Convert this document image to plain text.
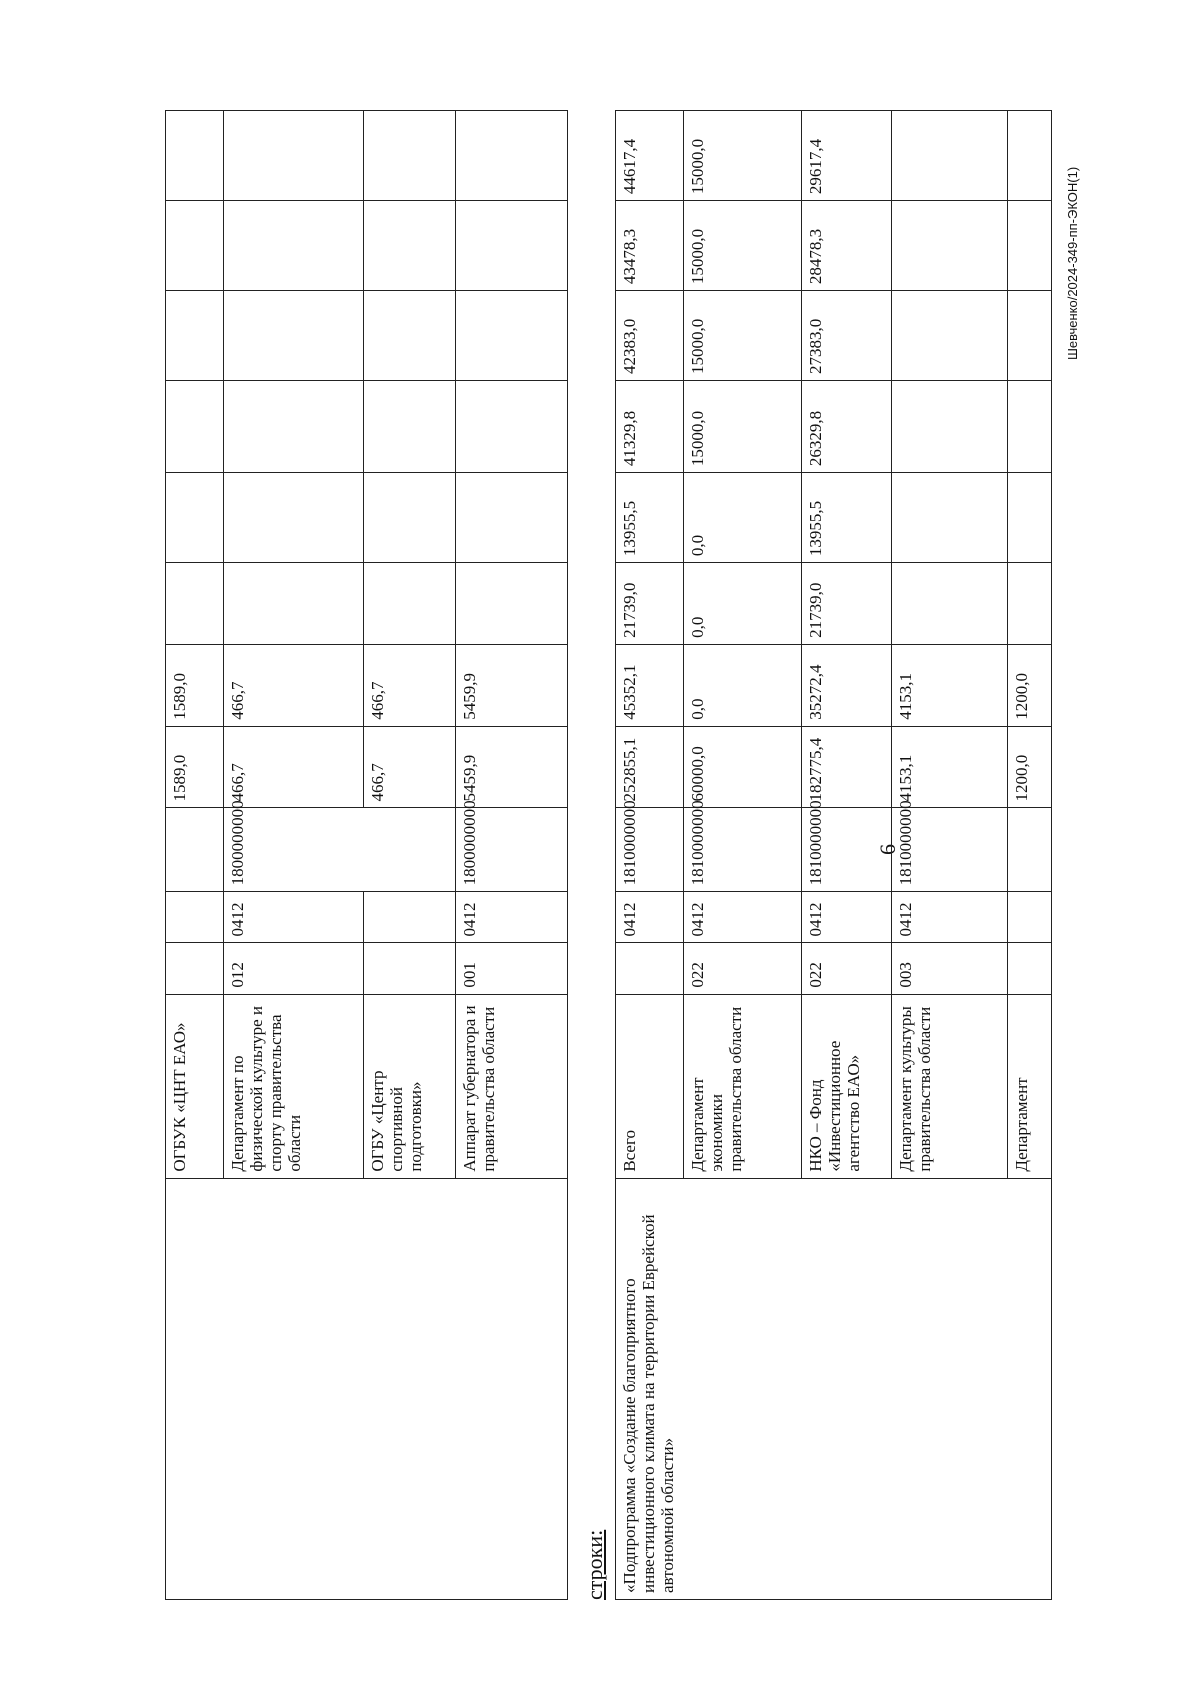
6
	ОГБУК «ЦНТ ЕАО»				1589,0	1589,0						
	Департамент по физической культуре и спорту правительства области	012	0412	1800000000	466,7	466,7						
	ОГБУ «Центр спортивной подготовки»				466,7	466,7						
	Аппарат губернатора и правительства области	001	0412	1800000000	5459,9	5459,9						
строки: «Подпрограмма «Создание благоприятного инвестиционного климата на территории Еврейской автономной области»	Всего		0412	1810000000	252855,1	45352,1	21739,0	13955,5	41329,8	42383,0	43478,3	44617,4
	Департамент экономики правительства области	022	0412	1810000000	60000,0	0,0	0,0	0,0	15000,0	15000,0	15000,0	15000,0
	НКО – Фонд «Инвестиционное агентство ЕАО»	022	0412	1810000000	182775,4	35272,4	21739,0	13955,5	26329,8	27383,0	28478,3	29617,4
	Департамент культуры правительства области	003	0412	1810000000	4153,1	4153,1						
	Департамент				1200,0	1200,0						
Шевченко/2024-349-пп-ЭКОН(1)
